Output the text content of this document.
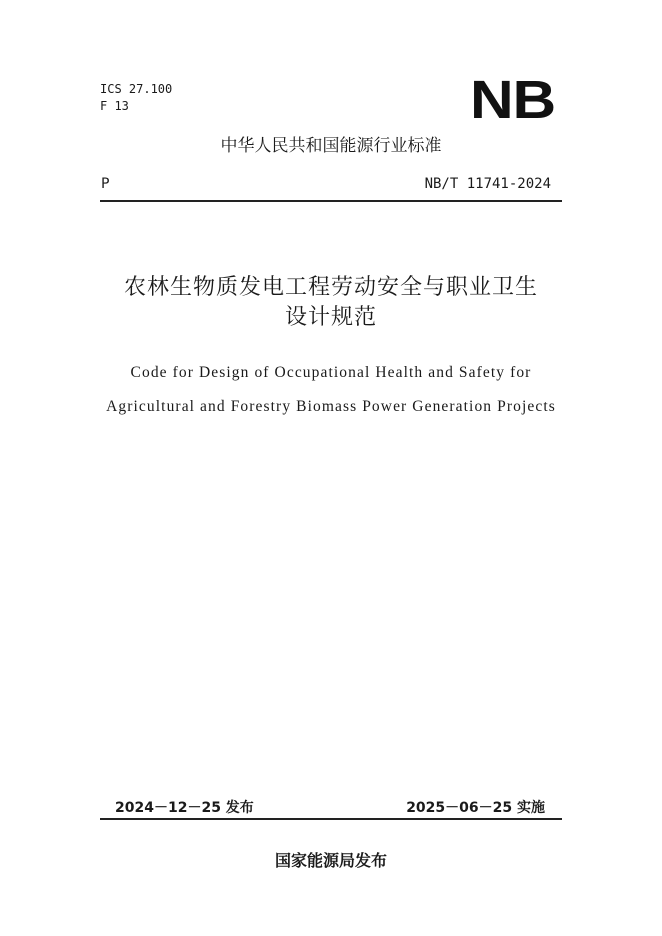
ICS 27.100
F 13	NB
中华人民共和国能源行业标准
P	NB/T 11741-2024
农林生物质发电工程劳动安全与职业卫生
设计规范
Code for Design of Occupational Health and Safety for
Agricultural and Forestry Biomass Power Generation Projects
2024－12－25 发布	2025－06－25 实施
国家能源局发布
